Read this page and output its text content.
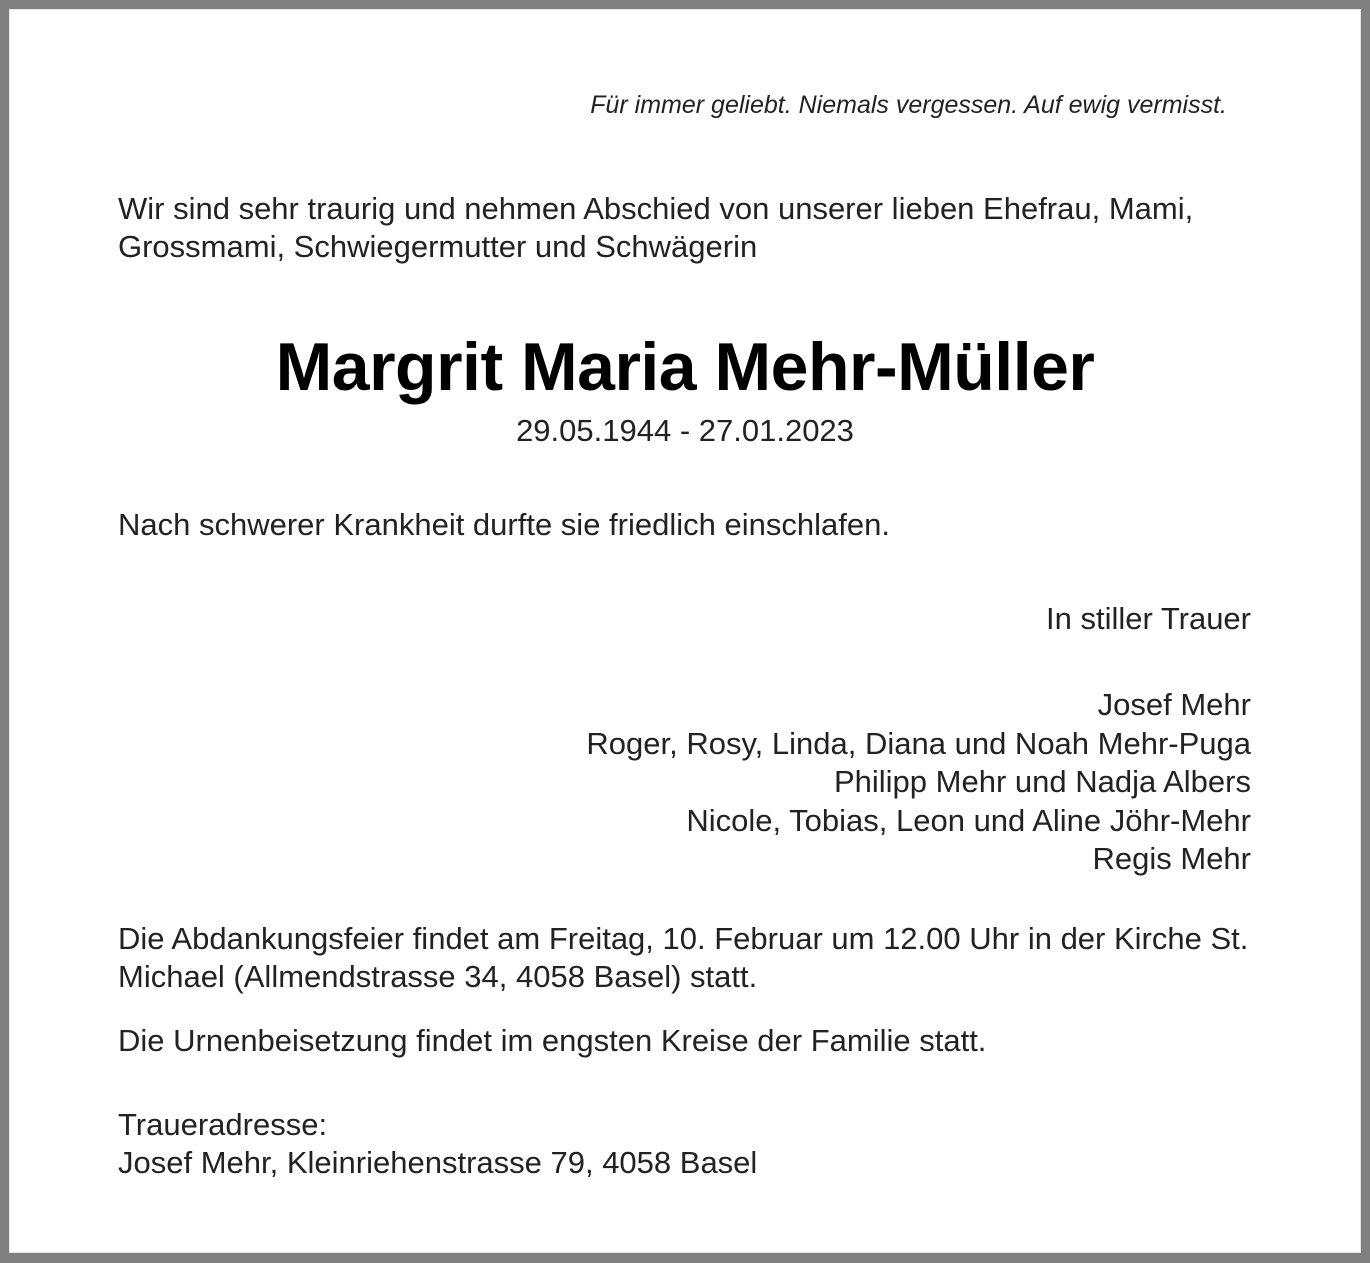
Für immer geliebt. Niemals vergessen. Auf ewig vermisst.
Wir sind sehr traurig und nehmen Abschied von unserer lieben Ehefrau, Mami, Grossmami, Schwiegermutter und Schwägerin
Margrit Maria Mehr-Müller
29.05.1944 - 27.01.2023
Nach schwerer Krankheit durfte sie friedlich einschlafen.
In stiller Trauer
Josef Mehr
Roger, Rosy, Linda, Diana und Noah Mehr-Puga
Philipp Mehr und Nadja Albers
Nicole, Tobias, Leon und Aline Jöhr-Mehr
Regis Mehr
Die Abdankungsfeier findet am Freitag, 10. Februar um 12.00 Uhr in der Kirche St. Michael (Allmendstrasse 34, 4058 Basel) statt.
Die Urnenbeisetzung findet im engsten Kreise der Familie statt.
Traueradresse:
Josef Mehr, Kleinriehenstrasse 79, 4058 Basel
